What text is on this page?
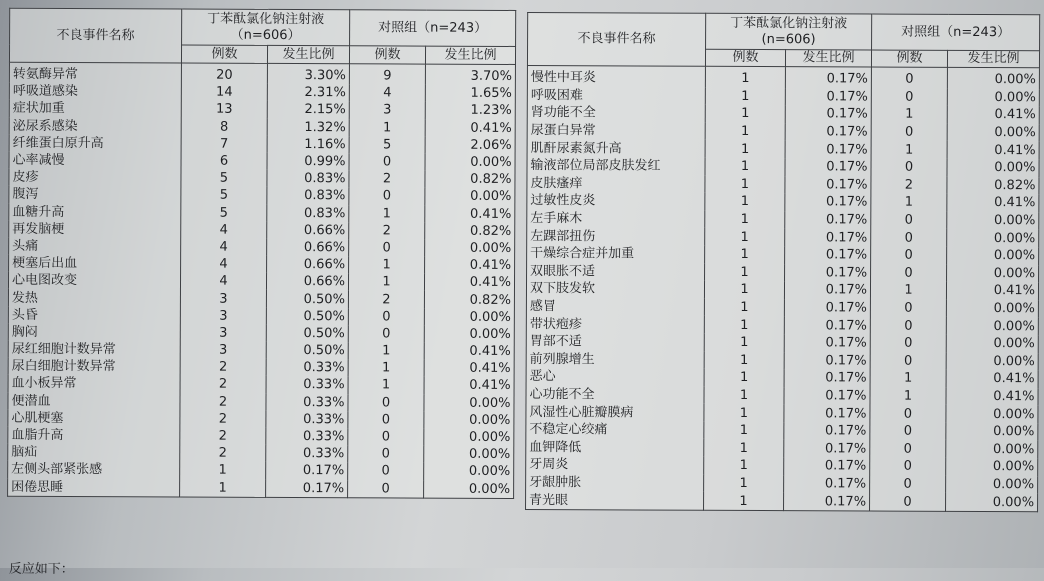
不良事件名称	丁苯酞氯化钠注射液
（n=606）		对照组（n=243）	
	例数	发生比例	例数	发生比例
转氨酶异常	20	3.30%	9	3.70%
呼吸道感染	14	2.31%	4	1.65%
症状加重	13	2.15%	3	1.23%
泌尿系感染	8	1.32%	1	0.41%
纤维蛋白原升高	7	1.16%	5	2.06%
心率减慢	6	0.99%	0	0.00%
皮疹	5	0.83%	2	0.82%
腹泻	5	0.83%	0	0.00%
血糖升高	5	0.83%	1	0.41%
再发脑梗	4	0.66%	2	0.82%
头痛	4	0.66%	0	0.00%
梗塞后出血	4	0.66%	1	0.41%
心电图改变	4	0.66%	1	0.41%
发热	3	0.50%	2	0.82%
头昏	3	0.50%	0	0.00%
胸闷	3	0.50%	0	0.00%
尿红细胞计数异常	3	0.50%	1	0.41%
尿白细胞计数异常	2	0.33%	1	0.41%
血小板异常	2	0.33%	1	0.41%
便潜血	2	0.33%	0	0.00%
心肌梗塞	2	0.33%	0	0.00%
血脂升高	2	0.33%	0	0.00%
脑疝	2	0.33%	0	0.00%
左侧头部紧张感	1	0.17%	0	0.00%
困倦思睡	1	0.17%	0	0.00%
不良事件名称	丁苯酞氯化钠注射液
(n=606)		对照组（n=243）	
	例数	发生比例	例数	发生比例
慢性中耳炎	1	0.17%	0	0.00%
呼吸困难	1	0.17%	0	0.00%
肾功能不全	1	0.17%	1	0.41%
尿蛋白异常	1	0.17%	0	0.00%
肌酐尿素氮升高	1	0.17%	1	0.41%
输液部位局部皮肤发红	1	0.17%	0	0.00%
皮肤瘙痒	1	0.17%	2	0.82%
过敏性皮炎	1	0.17%	1	0.41%
左手麻木	1	0.17%	0	0.00%
左踝部扭伤	1	0.17%	0	0.00%
干燥综合症并加重	1	0.17%	0	0.00%
双眼胀不适	1	0.17%	0	0.00%
双下肢发软	1	0.17%	1	0.41%
感冒	1	0.17%	0	0.00%
带状疱疹	1	0.17%	0	0.00%
胃部不适	1	0.17%	0	0.00%
前列腺增生	1	0.17%	0	0.00%
恶心	1	0.17%	1	0.41%
心功能不全	1	0.17%	1	0.41%
风湿性心脏瓣膜病	1	0.17%	0	0.00%
不稳定心绞痛	1	0.17%	0	0.00%
血钾降低	1	0.17%	0	0.00%
牙周炎	1	0.17%	0	0.00%
牙龈肿胀	1	0.17%	0	0.00%
青光眼	1	0.17%	0	0.00%
反应如下：
